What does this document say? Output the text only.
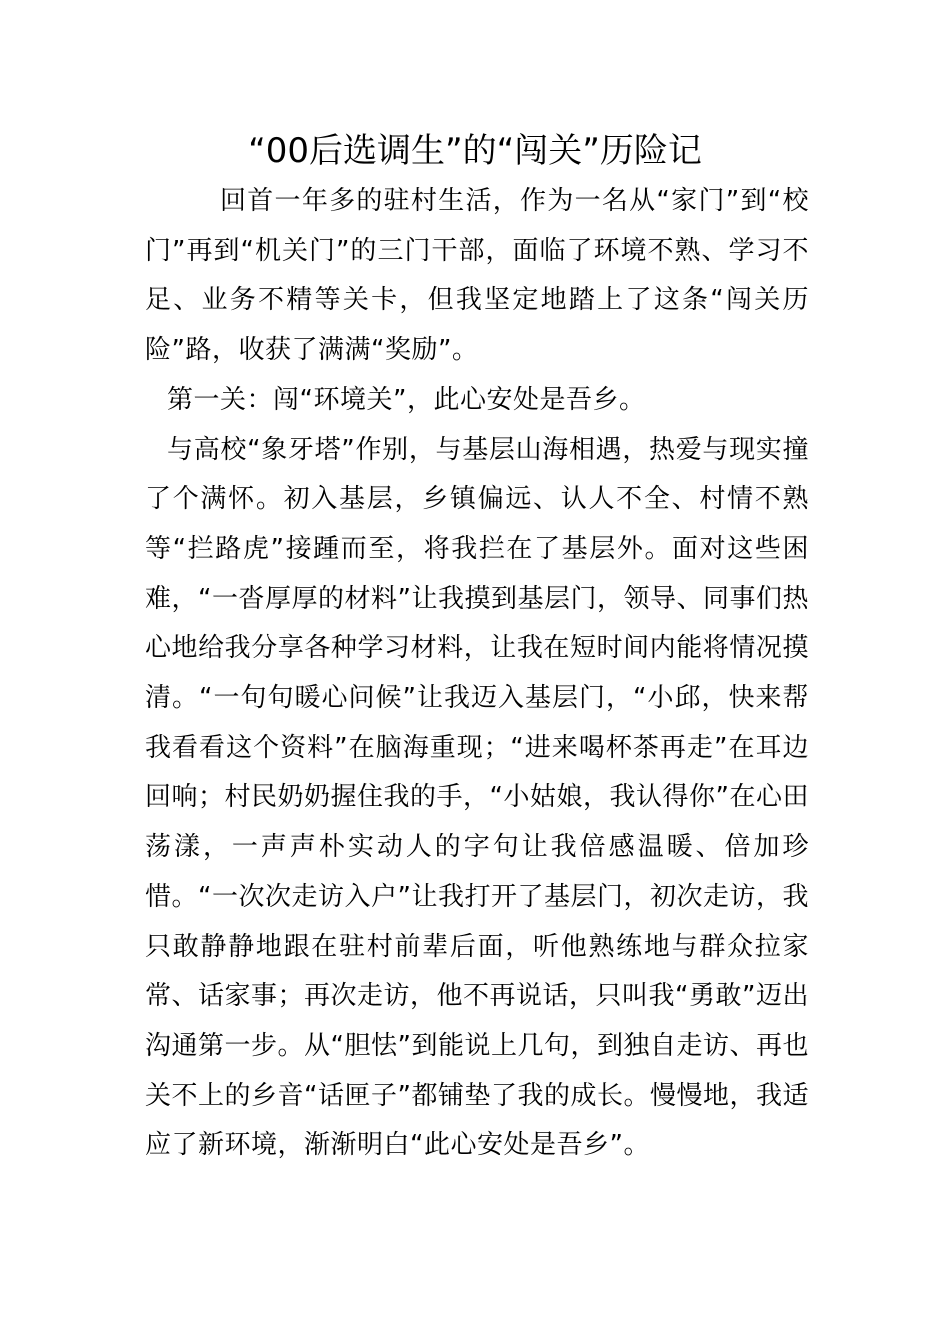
“00后选调生”的“闯关”历险记

回首一年多的驻村生活，作为一名从“家门”到“校门”再到“机关门”的三门干部，面临了环境不熟、学习不足、业务不精等关卡，但我坚定地踏上了这条“闯关历险”路，收获了满满“奖励”。

第一关：闯“环境关”，此心安处是吾乡。

与高校“象牙塔”作别，与基层山海相遇，热爱与现实撞了个满怀。初入基层，乡镇偏远、认人不全、村情不熟等“拦路虎”接踵而至，将我拦在了基层外。面对这些困难，“一沓厚厚的材料”让我摸到基层门，领导、同事们热心地给我分享各种学习材料，让我在短时间内能将情况摸清。“一句句暖心问候”让我迈入基层门，“小邱，快来帮我看看这个资料”在脑海重现；“进来喝杯茶再走”在耳边回响；村民奶奶握住我的手，“小姑娘，我认得你”在心田荡漾，一声声朴实动人的字句让我倍感温暖、倍加珍惜。“一次次走访入户”让我打开了基层门，初次走访，我只敢静静地跟在驻村前辈后面，听他熟练地与群众拉家常、话家事；再次走访，他不再说话，只叫我“勇敢”迈出沟通第一步。从“胆怯”到能说上几句，到独自走访、再也关不上的乡音“话匣子”都铺垫了我的成长。慢慢地，我适应了新环境，渐渐明白“此心安处是吾乡”。
